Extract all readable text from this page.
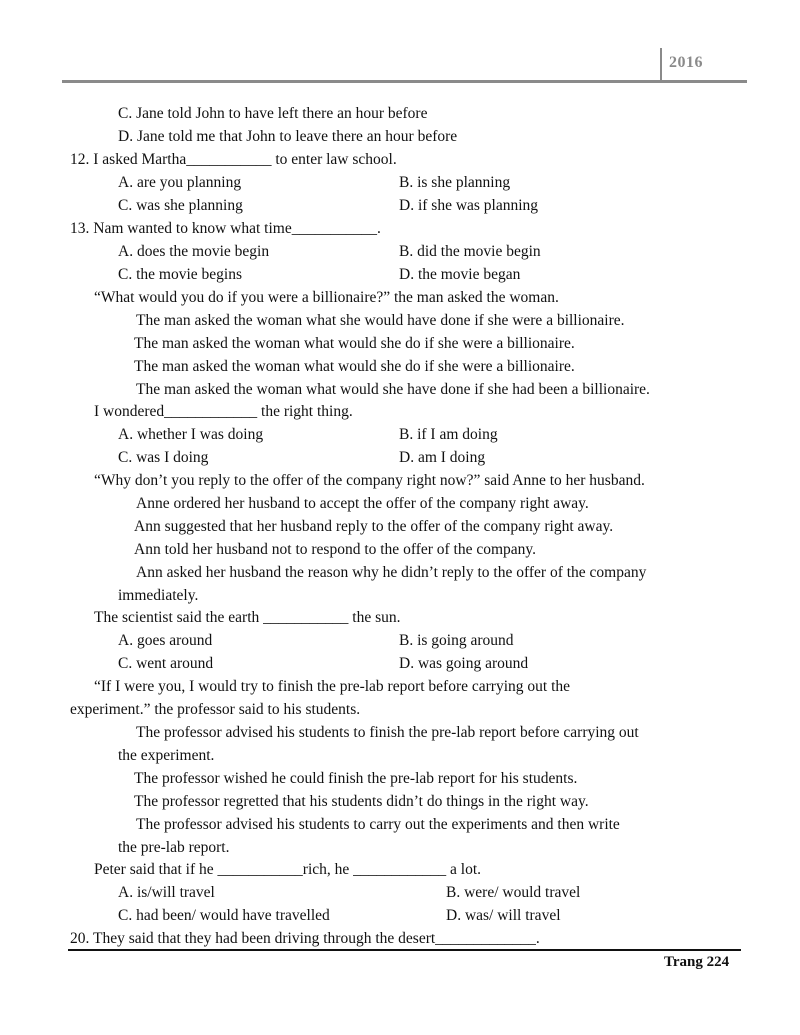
2016
C. Jane told John to have left there an hour before
D. Jane told me that John to leave there an hour before
12. I asked Martha___________ to enter law school.
A. are you planning	B. is she planning
C. was she planning	D. if she was planning
13. Nam wanted to know what time___________.
A. does the movie begin	B. did the movie begin
C. the movie begins	D. the movie began
“What would you do if you were a billionaire?” the man asked the woman.
The man asked the woman what she would have done if she were a billionaire.
The man asked the woman what would she do if she were a billionaire.
The man asked the woman what would she do if she were a billionaire.
The man asked the woman what would she have done if she had been a billionaire.
I wondered____________ the right thing.
A. whether I was doing	B. if I am doing
C. was I doing	D. am I doing
“Why don’t you reply to the offer of the company right now?” said Anne to her husband.
Anne ordered her husband to accept the offer of the company right away.
Ann suggested that her husband reply to the offer of the company right away.
Ann told her husband not to respond to the offer of the company.
Ann asked her husband the reason why he didn’t reply to the offer of the company
immediately.
The scientist said the earth ___________ the sun.
A. goes around	B. is going around
C. went around	D. was going around
“If I were you, I would try to finish the pre-lab report before carrying out the
experiment.” the professor said to his students.
The professor advised his students to finish the pre-lab report before carrying out
the experiment.
The professor wished he could finish the pre-lab report for his students.
The professor regretted that his students didn’t do things in the right way.
The professor advised his students to carry out the experiments and then write
the pre-lab report.
Peter said that if he ___________rich, he ____________ a lot.
A. is/will travel	B. were/ would travel
C. had been/ would have travelled	D. was/ will travel
20. They said that they had been driving through the desert_____________.
Trang 224
